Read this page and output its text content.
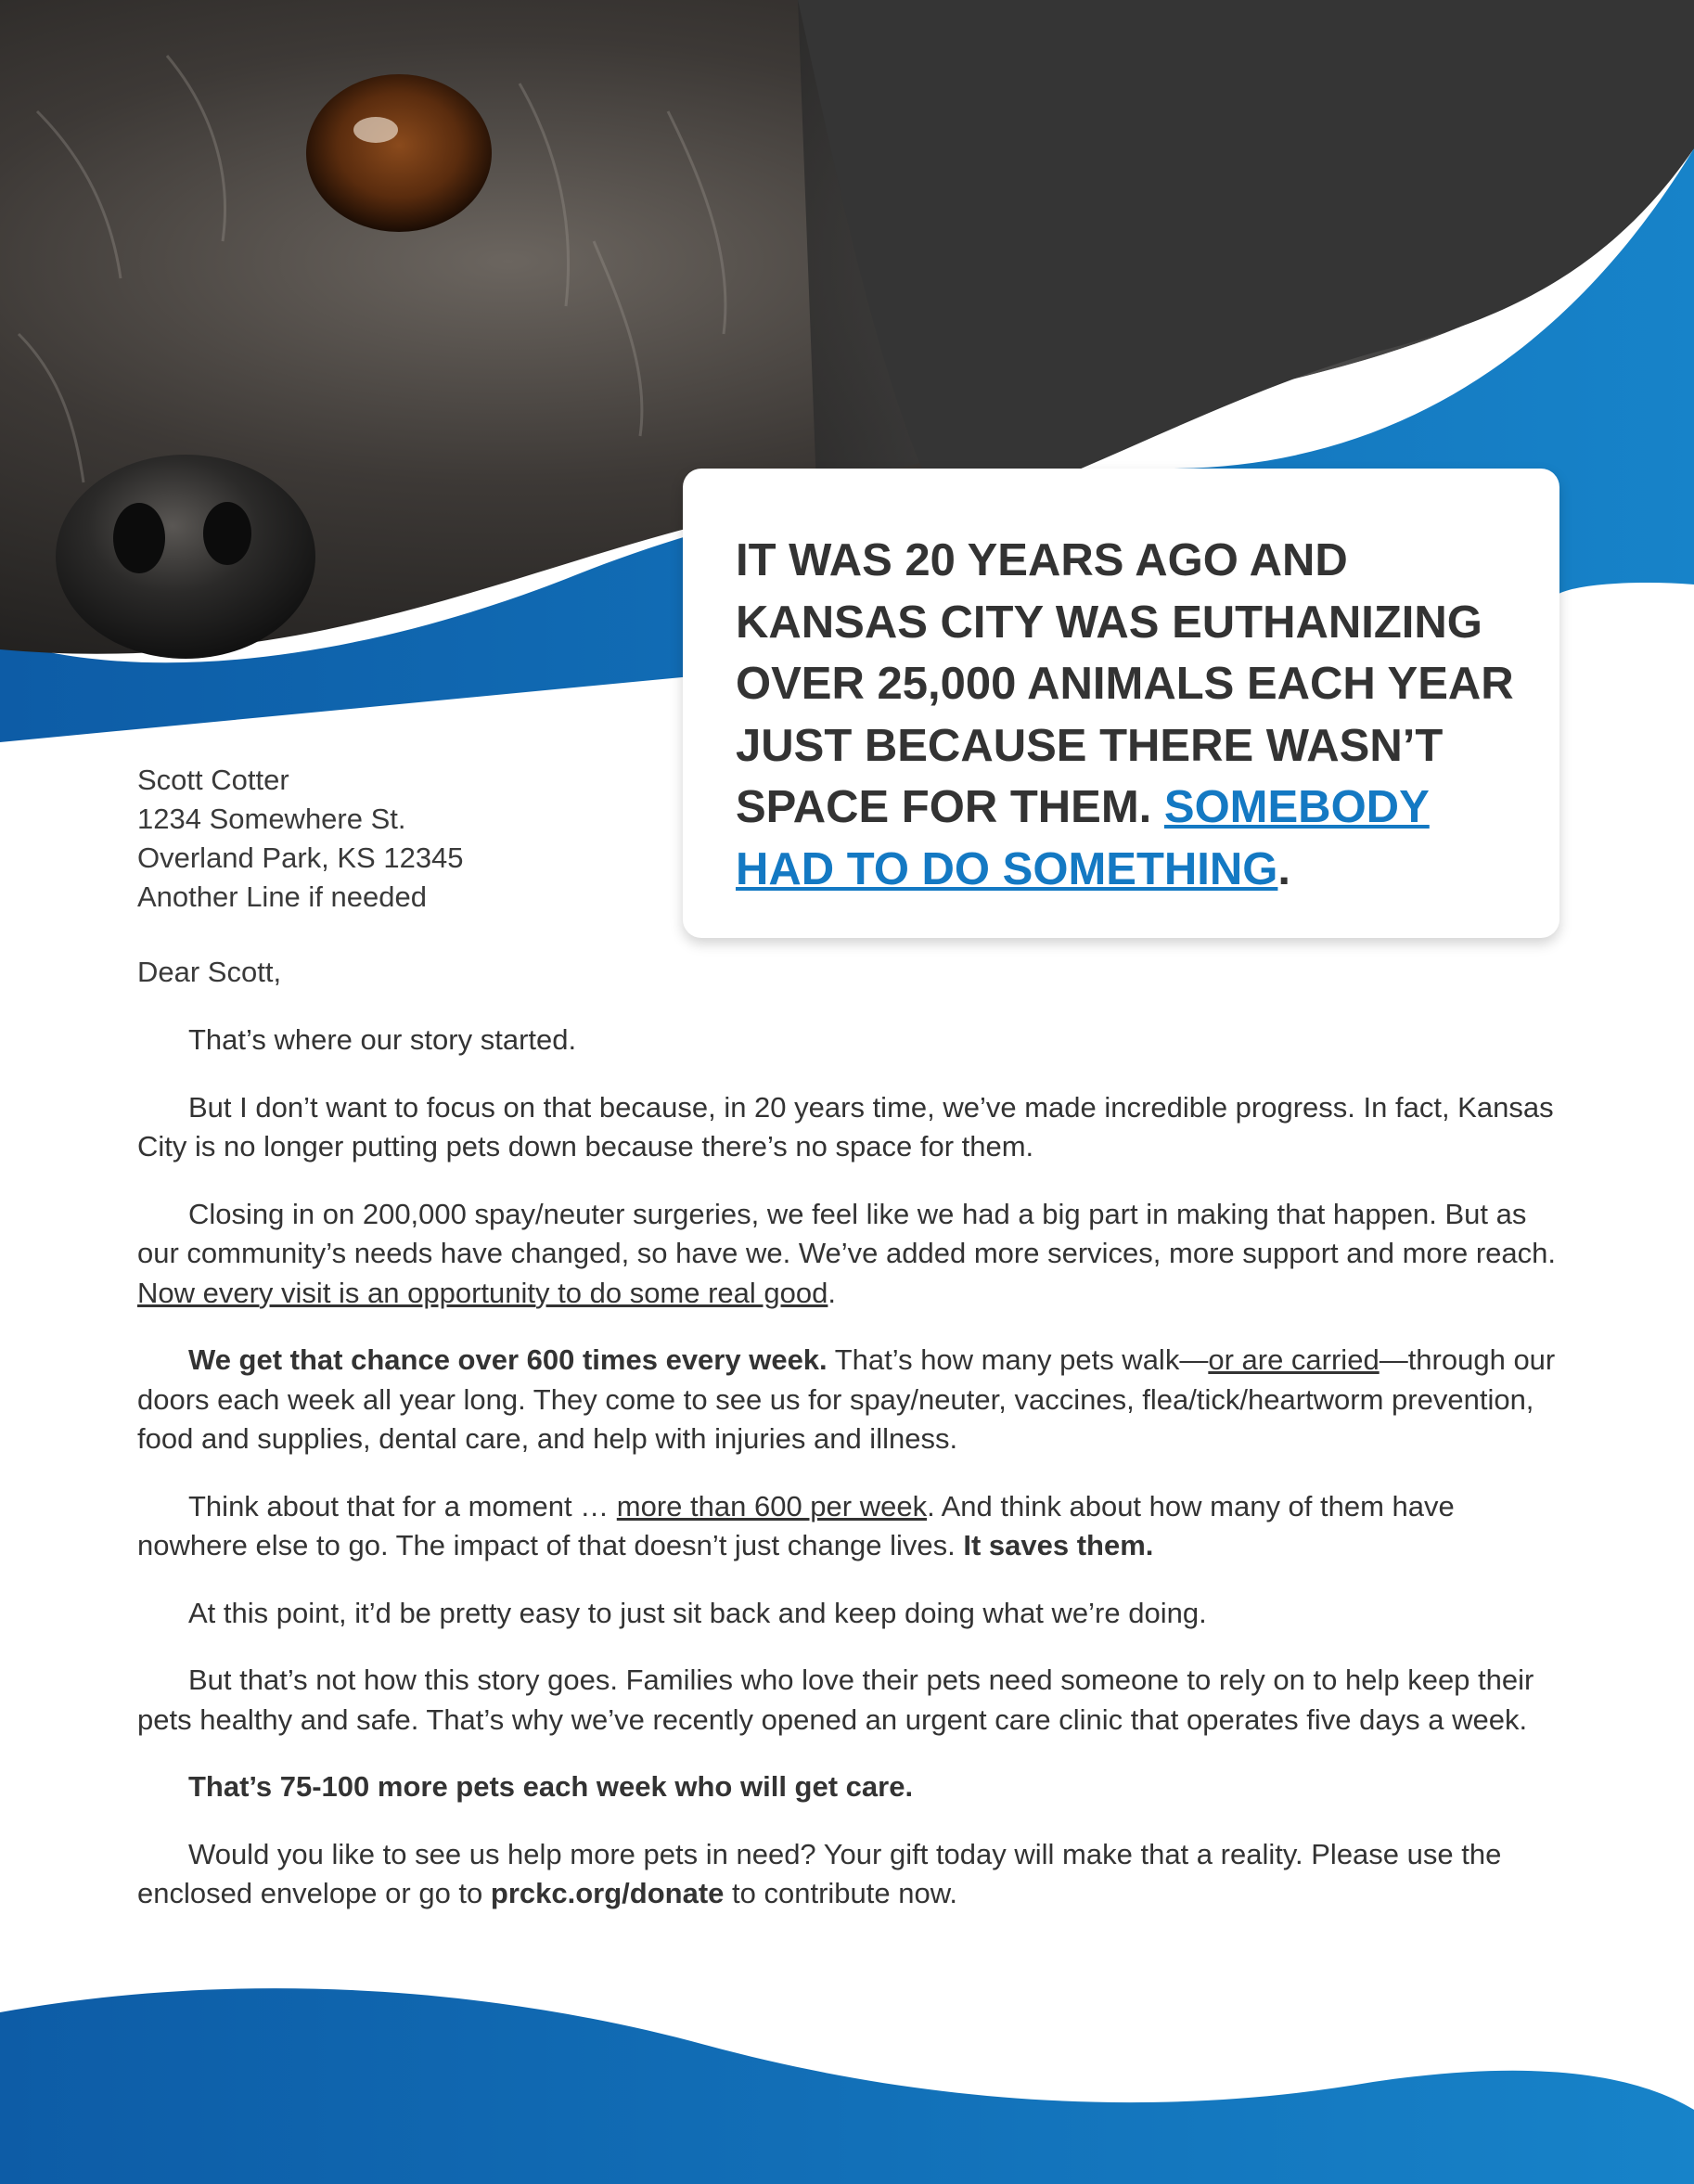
IT WAS 20 YEARS AGO AND KANSAS CITY WAS EUTHANIZING OVER 25,000 ANIMALS EACH YEAR JUST BECAUSE THERE WASN’T SPACE FOR THEM. SOMEBODY HAD TO DO SOMETHING.

Scott Cotter
1234 Somewhere St.
Overland Park, KS 12345
Another Line if needed
Dear Scott,

That’s where our story started.

But I don’t want to focus on that because, in 20 years time, we’ve made incredible progress. In fact, Kansas City is no longer putting pets down because there’s no space for them.

Closing in on 200,000 spay/neuter surgeries, we feel like we had a big part in making that happen. But as our community’s needs have changed, so have we. We’ve added more services, more support and more reach. Now every visit is an opportunity to do some real good.

We get that chance over 600 times every week. That’s how many pets walk—or are carried—through our doors each week all year long. They come to see us for spay/neuter, vaccines, flea/tick/heartworm prevention, food and supplies, dental care, and help with injuries and illness.

Think about that for a moment … more than 600 per week. And think about how many of them have nowhere else to go. The impact of that doesn’t just change lives. It saves them.

At this point, it’d be pretty easy to just sit back and keep doing what we’re doing.

But that’s not how this story goes. Families who love their pets need someone to rely on to help keep their pets healthy and safe. That’s why we’ve recently opened an urgent care clinic that operates five days a week.

That’s 75-100 more pets each week who will get care.

Would you like to see us help more pets in need? Your gift today will make that a reality. Please use the enclosed envelope or go to prckc.org/donate to contribute now.
